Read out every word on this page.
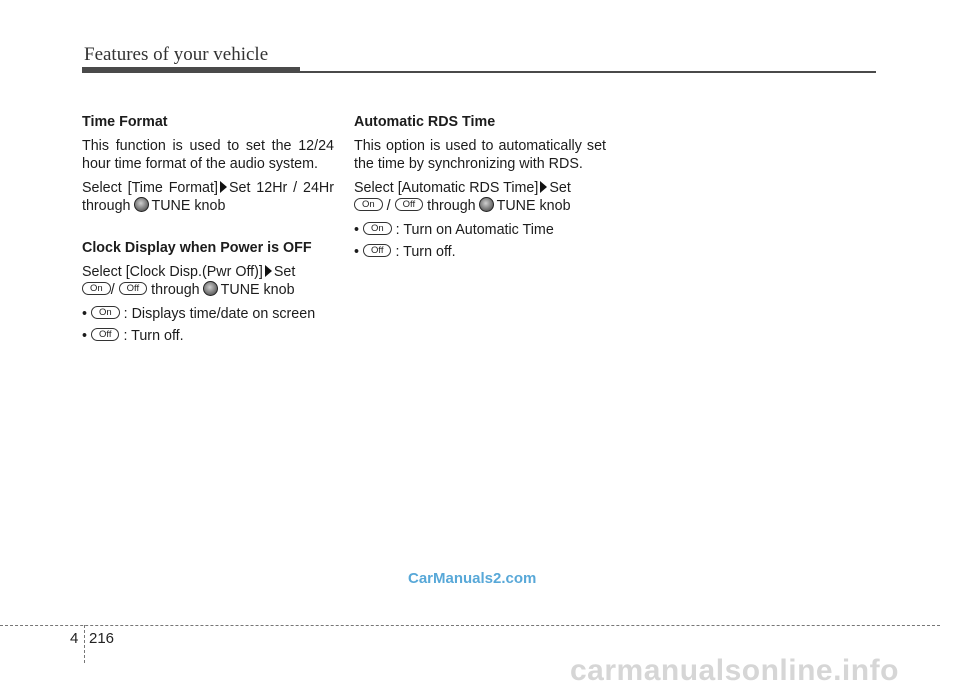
Features of your vehicle

Time Format

This function is used to set the 12/24 hour time format of the audio system.

Select [Time Format] Set 12Hr / 24Hr through TUNE knob

Clock Display when Power is OFF

Select [Clock Disp.(Pwr Off)] Set
On / Off through TUNE knob

• On : Displays time/date on screen

• Off : Turn off.

Automatic RDS Time

This option is used to automatically set the time by synchronizing with RDS.

Select [Automatic RDS Time] Set
On / Off through TUNE knob

• On : Turn on Automatic Time

• Off : Turn off.

CarManuals2.com
4 216
carmanualsonline.info
